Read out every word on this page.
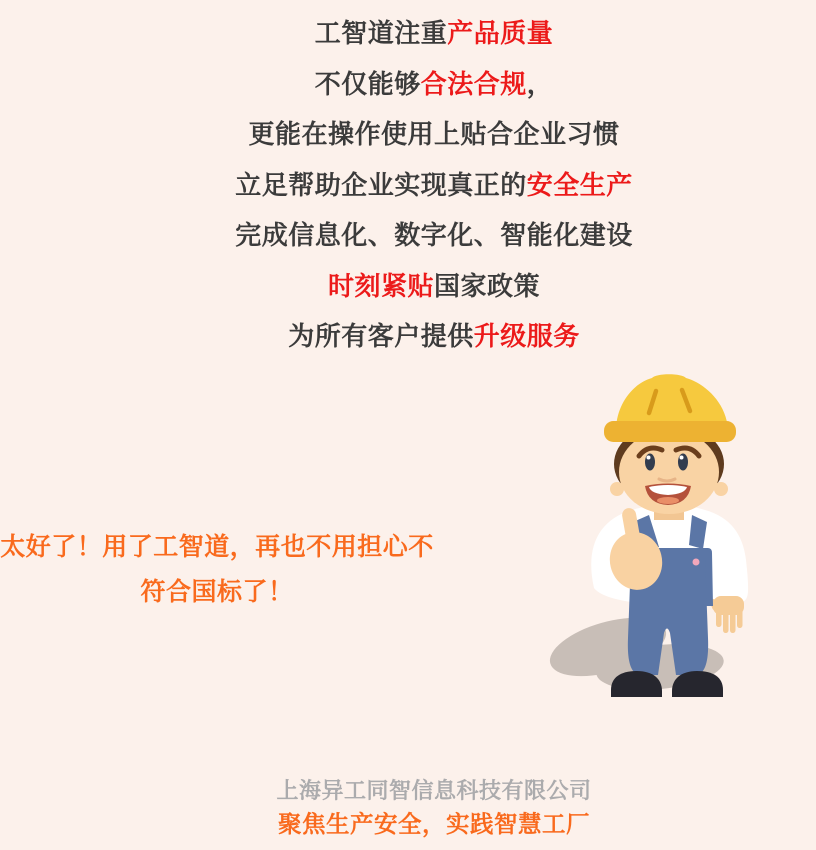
工智道注重产品质量
不仅能够合法合规，
更能在操作使用上贴合企业习惯
立足帮助企业实现真正的安全生产
完成信息化、数字化、智能化建设
时刻紧贴国家政策
为所有客户提供升级服务
太好了！用了工智道，再也不用担心不
符合国标了！
上海异工同智信息科技有限公司
聚焦生产安全，实践智慧工厂
